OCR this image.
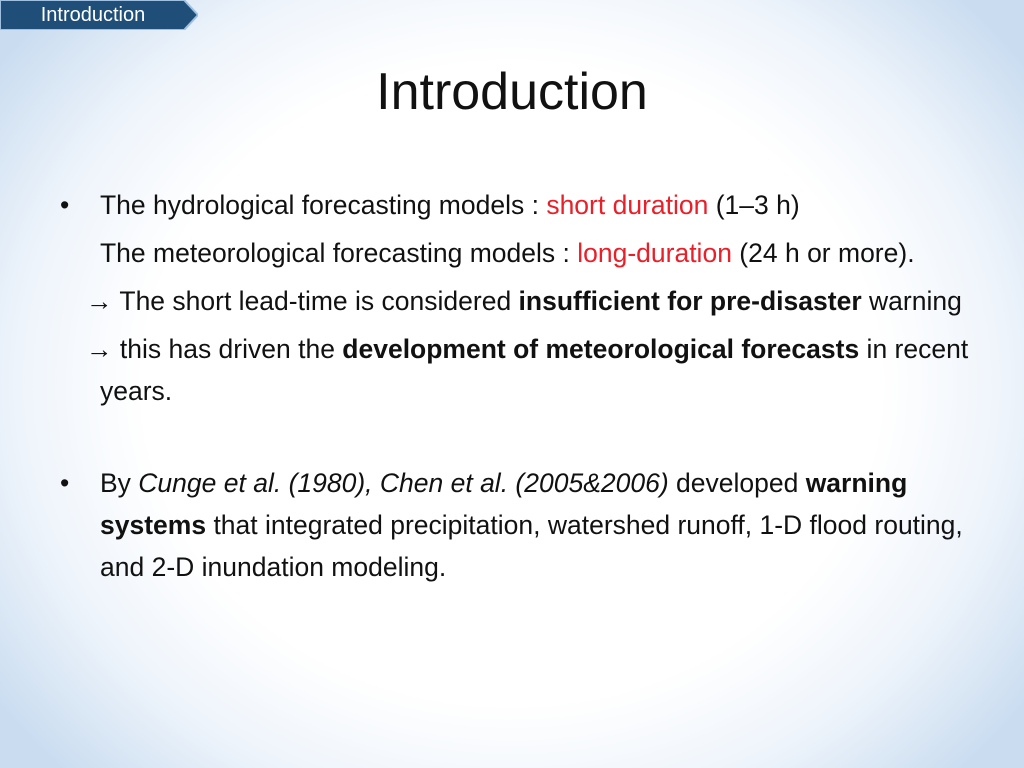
Introduction
Introduction
• The hydrological forecasting models : short duration (1–3 h)
The meteorological forecasting models : long-duration (24 h or more).
→ The short lead-time is considered insufficient for pre-disaster warning
→ this has driven the development of meteorological forecasts in recent years.
• By Cunge et al. (1980), Chen et al. (2005&2006) developed warning systems that integrated precipitation, watershed runoff, 1-D flood routing, and 2-D inundation modeling.
